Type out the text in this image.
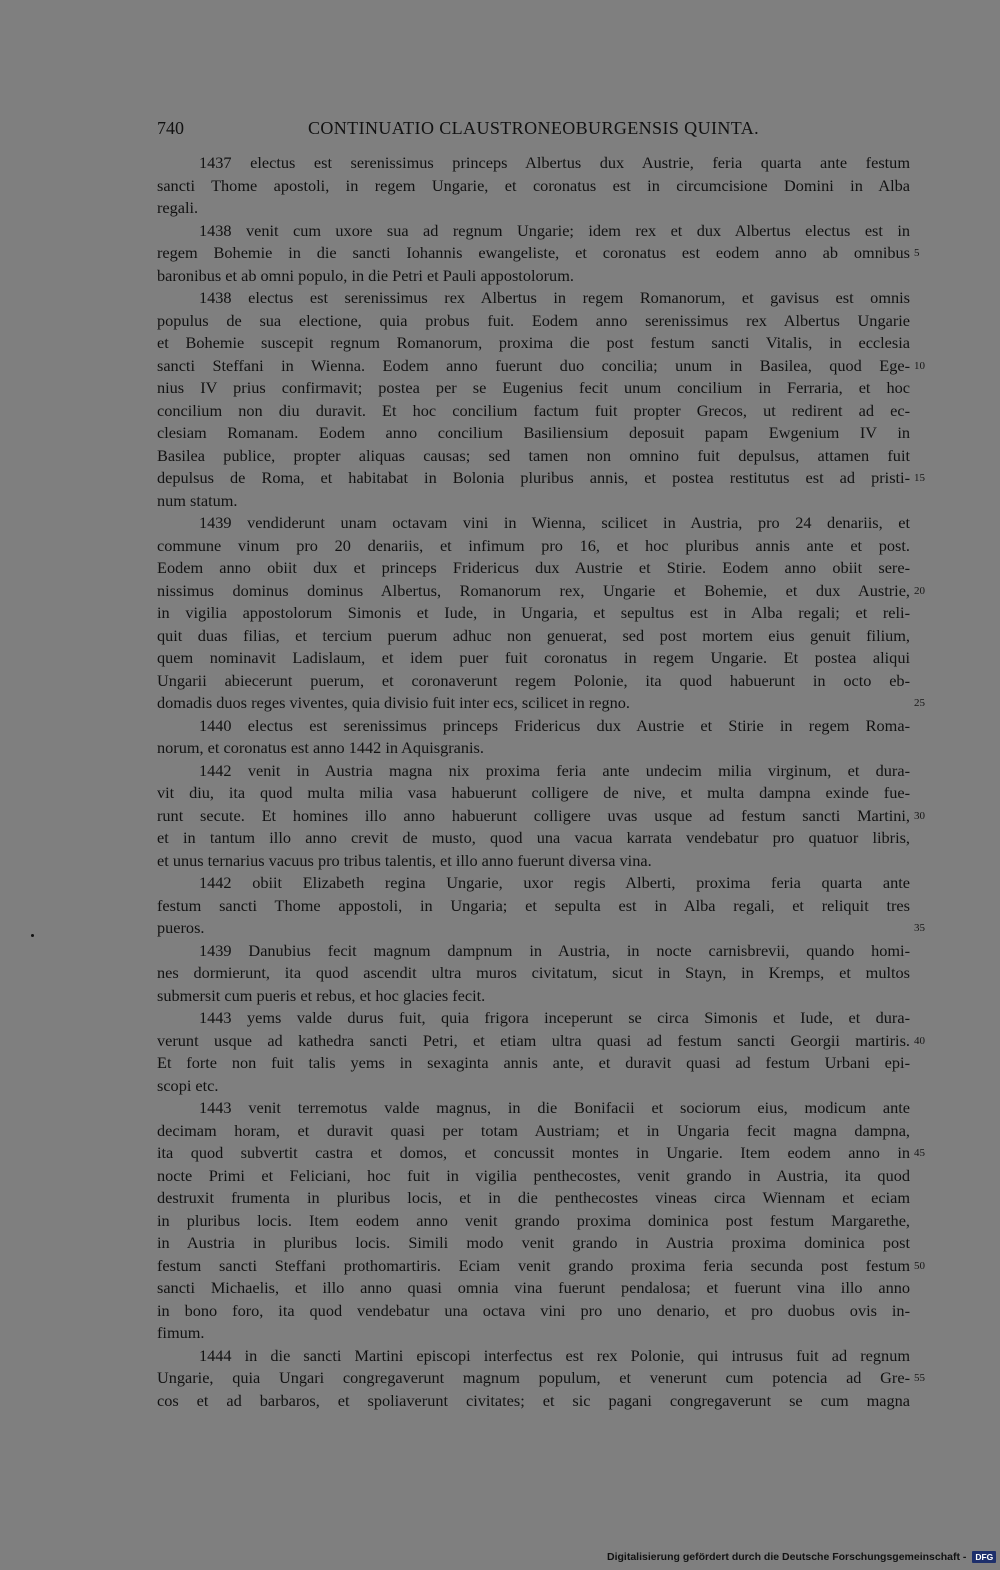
740	CONTINUATIO CLAUSTRONEOBURGENSIS QUINTA.
1437 electus est serenissimus princeps Albertus dux Austrie, feria quarta ante festum
sancti Thome apostoli, in regem Ungarie, et coronatus est in circumcisione Domini in Alba
regali.
1438 venit cum uxore sua ad regnum Ungarie; idem rex et dux Albertus electus est in
regem Bohemie in die sancti Iohannis ewangeliste, et coronatus est eodem anno ab omnibus 5
baronibus et ab omni populo, in die Petri et Pauli appostolorum.
1438 electus est serenissimus rex Albertus in regem Romanorum, et gavisus est omnis
populus de sua electione, quia probus fuit. Eodem anno serenissimus rex Albertus Ungarie
et Bohemie suscepit regnum Romanorum, proxima die post festum sancti Vitalis, in ecclesia
sancti Steffani in Wienna. Eodem anno fuerunt duo concilia; unum in Basilea, quod Ege- 10
nius IV prius confirmavit; postea per se Eugenius fecit unum concilium in Ferraria, et hoc
concilium non diu duravit. Et hoc concilium factum fuit propter Grecos, ut redirent ad ec-
clesiam Romanam. Eodem anno concilium Basiliensium deposuit papam Ewgenium IV in
Basilea publice, propter aliquas causas; sed tamen non omnino fuit depulsus, attamen fuit
depulsus de Roma, et habitabat in Bolonia pluribus annis, et postea restitutus est ad pristi- 15
num statum.
1439 vendiderunt unam octavam vini in Wienna, scilicet in Austria, pro 24 denariis, et
commune vinum pro 20 denariis, et infimum pro 16, et hoc pluribus annis ante et post.
Eodem anno obiit dux et princeps Fridericus dux Austrie et Stirie. Eodem anno obiit sere-
nissimus dominus dominus Albertus, Romanorum rex, Ungarie et Bohemie, et dux Austrie, 20
in vigilia appostolorum Simonis et Iude, in Ungaria, et sepultus est in Alba regali; et reli-
quit duas filias, et tercium puerum adhuc non genuerat, sed post mortem eius genuit filium,
quem nominavit Ladislaum, et idem puer fuit coronatus in regem Ungarie. Et postea aliqui
Ungarii abiecerunt puerum, et coronaverunt regem Polonie, ita quod habuerunt in octo eb-
domadis duos reges viventes, quia divisio fuit inter ecs, scilicet in regno.	25
1440 electus est serenissimus princeps Fridericus dux Austrie et Stirie in regem Roma-
norum, et coronatus est anno 1442 in Aquisgranis.
1442 venit in Austria magna nix proxima feria ante undecim milia virginum, et dura-
vit diu, ita quod multa milia vasa habuerunt colligere de nive, et multa dampna exinde fue-
runt secute. Et homines illo anno habuerunt colligere uvas usque ad festum sancti Martini, 30
et in tantum illo anno crevit de musto, quod una vacua karrata vendebatur pro quatuor libris,
et unus ternarius vacuus pro tribus talentis, et illo anno fuerunt diversa vina.
1442 obiit Elizabeth regina Ungarie, uxor regis Alberti, proxima feria quarta ante
festum sancti Thome appostoli, in Ungaria; et sepulta est in Alba regali, et reliquit tres
pueros.	35
1439 Danubius fecit magnum dampnum in Austria, in nocte carnisbrevii, quando homi-
nes dormierunt, ita quod ascendit ultra muros civitatum, sicut in Stayn, in Kremps, et multos
submersit cum pueris et rebus, et hoc glacies fecit.
1443 yems valde durus fuit, quia frigora inceperunt se circa Simonis et Iude, et dura-
verunt usque ad kathedra sancti Petri, et etiam ultra quasi ad festum sancti Georgii martiris. 40
Et forte non fuit talis yems in sexaginta annis ante, et duravit quasi ad festum Urbani epi-
scopi etc.
1443 venit terremotus valde magnus, in die Bonifacii et sociorum eius, modicum ante
decimam horam, et duravit quasi per totam Austriam; et in Ungaria fecit magna dampna,
ita quod subvertit castra et domos, et concussit montes in Ungarie. Item eodem anno in 45
nocte Primi et Feliciani, hoc fuit in vigilia penthecostes, venit grando in Austria, ita quod
destruxit frumenta in pluribus locis, et in die penthecostes vineas circa Wiennam et eciam
in pluribus locis. Item eodem anno venit grando proxima dominica post festum Margarethe,
in Austria in pluribus locis. Simili modo venit grando in Austria proxima dominica post
festum sancti Steffani prothomartiris. Eciam venit grando proxima feria secunda post festum 50
sancti Michaelis, et illo anno quasi omnia vina fuerunt pendalosa; et fuerunt vina illo anno
in bono foro, ita quod vendebatur una octava vini pro uno denario, et pro duobus ovis in-
fimum.
1444 in die sancti Martini episcopi interfectus est rex Polonie, qui intrusus fuit ad regnum
Ungarie, quia Ungari congregaverunt magnum populum, et venerunt cum potencia ad Gre- 55
cos et ad barbaros, et spoliaverunt civitates; et sic pagani congregaverunt se cum magna
Digitalisierung gefördert durch die Deutsche Forschungsgemeinschaft - DFG
